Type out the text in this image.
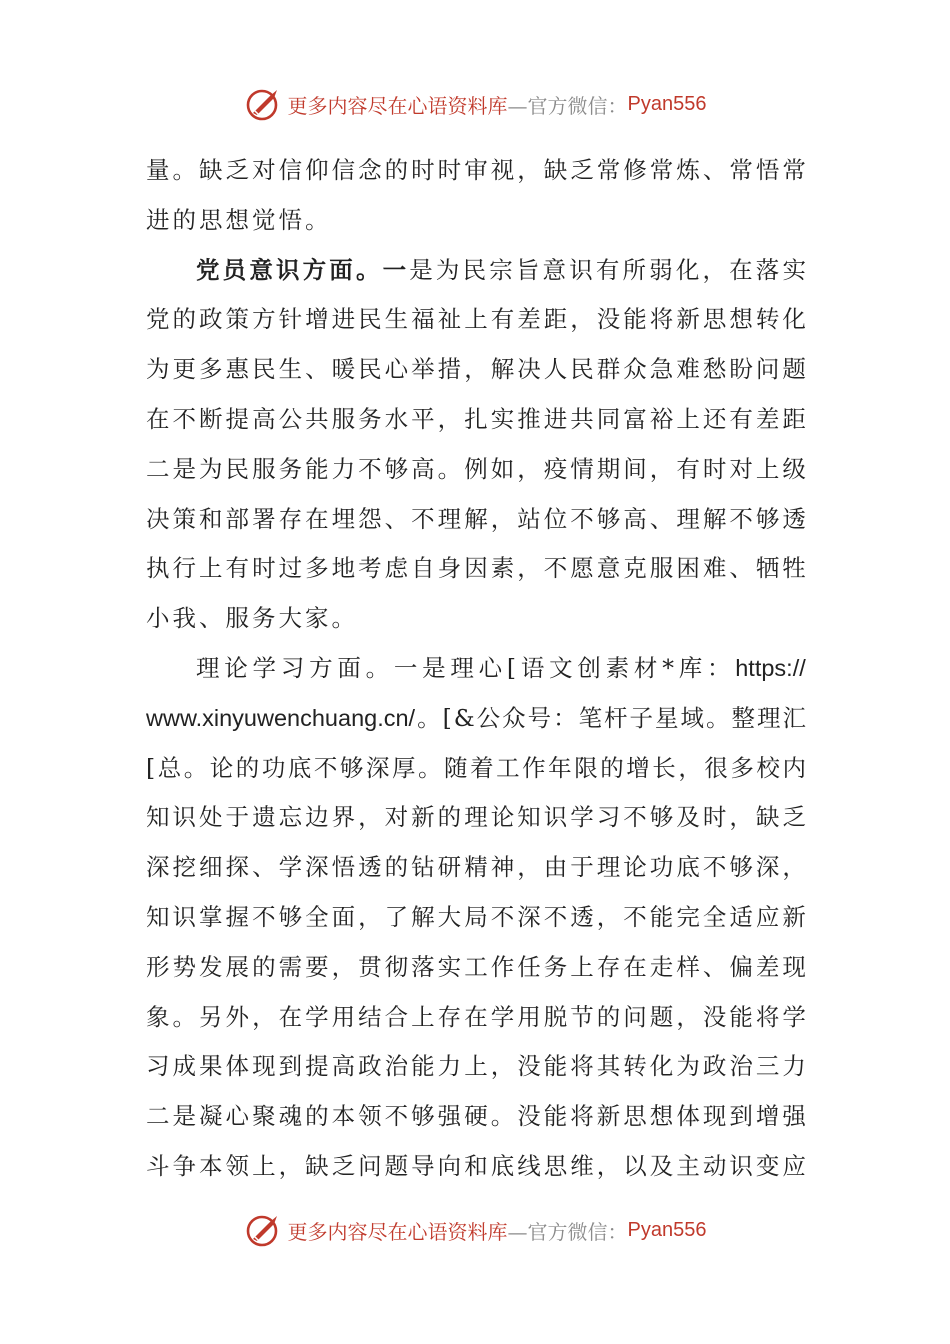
更多内容尽在心语资料库 —官方微信： Pyan556
量 。 缺 乏 对 信 仰 信 念 的 时 时 审 视 ， 缺 乏 常 修 常 炼 、 常 悟 常
进 的 思 想 觉 悟 。
党 员 意 识 方 面 。 一 是 为 民 宗 旨 意 识 有 所 弱 化 ， 在 落 实
党 的 政 策 方 针 增 进 民 生 福 祉 上 有 差 距 ， 没 能 将 新 思 想 转 化
为 更 多 惠 民 生 、 暖 民 心 举 措 ， 解 决 人 民 群 众 急 难 愁 盼 问 题
在 不 断 提 高 公 共 服 务 水 平 ， 扎 实 推 进 共 同 富 裕 上 还 有 差 距
二 是 为 民 服 务 能 力 不 够 高 。 例 如 ， 疫 情 期 间 ， 有 时 对 上 级
决 策 和 部 署 存 在 埋 怨 、 不 理 解 ， 站 位 不 够 高 、 理 解 不 够 透
执 行 上 有 时 过 多 地 考 虑 自 身 因 素 ， 不 愿 意 克 服 困 难 、 牺 牲
小 我 、 服 务 大 家 。
理 论 学 习 方 面 。 一 是 理 心 [ 语 文 创 素 材 * 库 ： https://
www.xinyuwenchuang.cn/ 。 [ & 公 众 号 ： 笔 杆 子 星 域 。 整 理 汇
[ 总 。 论 的 功 底 不 够 深 厚 。 随 着 工 作 年 限 的 增 长 ， 很 多 校 内
知 识 处 于 遗 忘 边 界 ， 对 新 的 理 论 知 识 学 习 不 够 及 时 ， 缺 乏
深 挖 细 探 、 学 深 悟 透 的 钻 研 精 神 ， 由 于 理 论 功 底 不 够 深 ，
知 识 掌 握 不 够 全 面 ， 了 解 大 局 不 深 不 透 ， 不 能 完 全 适 应 新
形 势 发 展 的 需 要 ， 贯 彻 落 实 工 作 任 务 上 存 在 走 样 、 偏 差 现
象 。 另 外 ， 在 学 用 结 合 上 存 在 学 用 脱 节 的 问 题 ， 没 能 将 学
习 成 果 体 现 到 提 高 政 治 能 力 上 ， 没 能 将 其 转 化 为 政 治 三 力
二 是 凝 心 聚 魂 的 本 领 不 够 强 硬 。 没 能 将 新 思 想 体 现 到 增 强
斗 争 本 领 上 ， 缺 乏 问 题 导 向 和 底 线 思 维 ， 以 及 主 动 识 变 应
更多内容尽在心语资料库 —官方微信： Pyan556
